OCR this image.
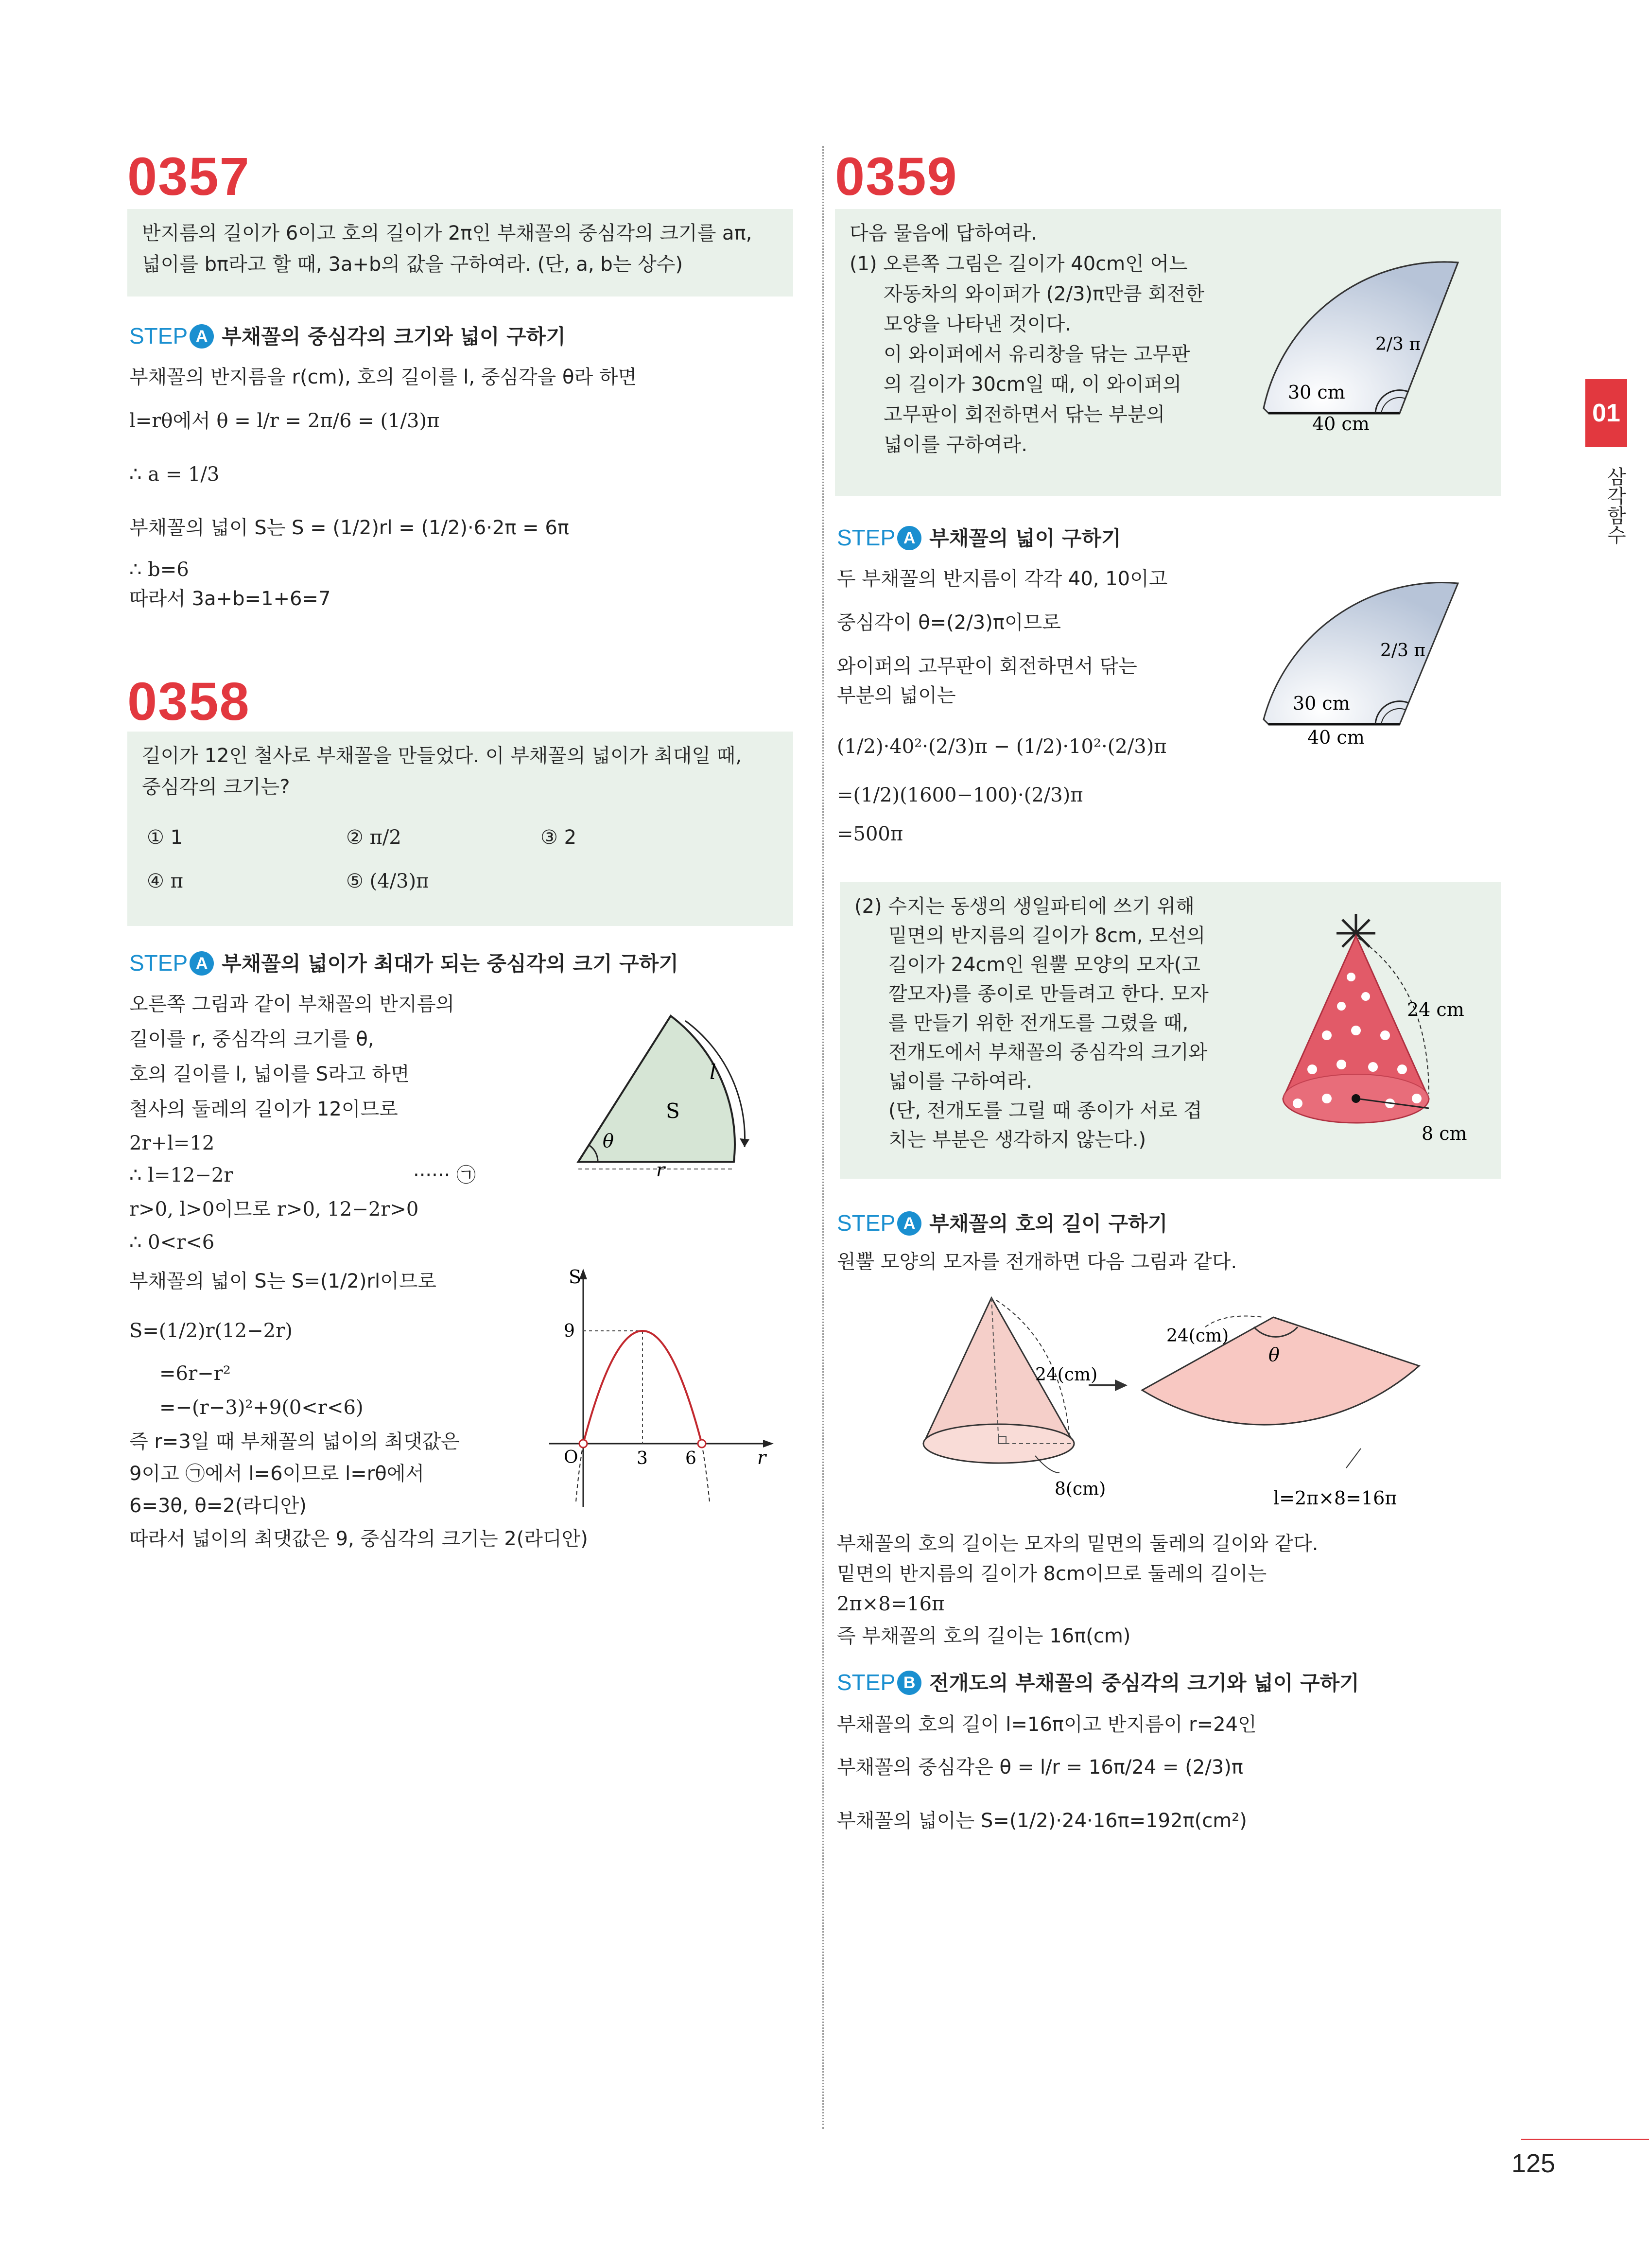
0357
반지름의 길이가 6이고 호의 길이가 2π인 부채꼴의 중심각의 크기를 aπ,
넓이를 bπ라고 할 때, 3a+b의 값을 구하여라. (단, a, b는 상수)
STEP A 부채꼴의 중심각의 크기와 넓이 구하기
부채꼴의 반지름을 r(cm), 호의 길이를 l, 중심각을 θ라 하면
l=rθ에서 θ = l/r = 2π/6 = (1/3)π
∴ a = 1/3
부채꼴의 넓이 S는 S = (1/2)rl = (1/2)·6·2π = 6π
∴ b=6
따라서 3a+b=1+6=7
0358
길이가 12인 철사로 부채꼴을 만들었다. 이 부채꼴의 넓이가 최대일 때,
중심각의 크기는?
① 1	② π/2	③ 2
④ π	⑤ (4/3)π
STEP A 부채꼴의 넓이가 최대가 되는 중심각의 크기 구하기
오른쪽 그림과 같이 부채꼴의 반지름의
길이를 r, 중심각의 크기를 θ,
호의 길이를 l, 넓이를 S라고 하면
철사의 둘레의 길이가 12이므로
2r+l=12
∴ l=12−2r	······ ㉠
r>0, l>0이므로 r>0, 12−2r>0
∴ 0<r<6
부채꼴의 넓이 S는 S=(1/2)rl이므로
S=(1/2)r(12−2r)
=6r−r²
=−(r−3)²+9(0<r<6)
즉 r=3일 때 부채꼴의 넓이의 최댓값은
9이고 ㉠에서 l=6이므로 l=rθ에서
6=3θ, θ=2(라디안)
따라서 넓이의 최댓값은 9, 중심각의 크기는 2(라디안)
S
l
θ
r
S
r
O
9
3 6
0359
다음 물음에 답하여라.
(1) 오른쪽 그림은 길이가 40cm인 어느
자동차의 와이퍼가 (2/3)π만큼 회전한
모양을 나타낸 것이다.
이 와이퍼에서 유리창을 닦는 고무판
의 길이가 30cm일 때, 이 와이퍼의
고무판이 회전하면서 닦는 부분의
넓이를 구하여라.
2/3 π
30 cm
40 cm
STEP A 부채꼴의 넓이 구하기
두 부채꼴의 반지름이 각각 40, 10이고
중심각이 θ=(2/3)π이므로
와이퍼의 고무판이 회전하면서 닦는
부분의 넓이는
(1/2)·40²·(2/3)π − (1/2)·10²·(2/3)π
=(1/2)(1600−100)·(2/3)π
=500π
2/3 π
30 cm
40 cm
(2) 수지는 동생의 생일파티에 쓰기 위해
밑면의 반지름의 길이가 8cm, 모선의
길이가 24cm인 원뿔 모양의 모자(고
깔모자)를 종이로 만들려고 한다. 모자
를 만들기 위한 전개도를 그렸을 때,
전개도에서 부채꼴의 중심각의 크기와
넓이를 구하여라.
(단, 전개도를 그릴 때 종이가 서로 겹
치는 부분은 생각하지 않는다.)
24 cm
8 cm
STEP A 부채꼴의 호의 길이 구하기
원뿔 모양의 모자를 전개하면 다음 그림과 같다.
24(cm)
8(cm)
24(cm)
θ
l=2π×8=16π
부채꼴의 호의 길이는 모자의 밑면의 둘레의 길이와 같다.
밑면의 반지름의 길이가 8cm이므로 둘레의 길이는
2π×8=16π
즉 부채꼴의 호의 길이는 16π(cm)
STEP B 전개도의 부채꼴의 중심각의 크기와 넓이 구하기
부채꼴의 호의 길이 l=16π이고 반지름이 r=24인
부채꼴의 중심각은 θ = l/r = 16π/24 = (2/3)π
부채꼴의 넓이는 S=(1/2)·24·16π=192π(cm²)
01
삼각함수
125
